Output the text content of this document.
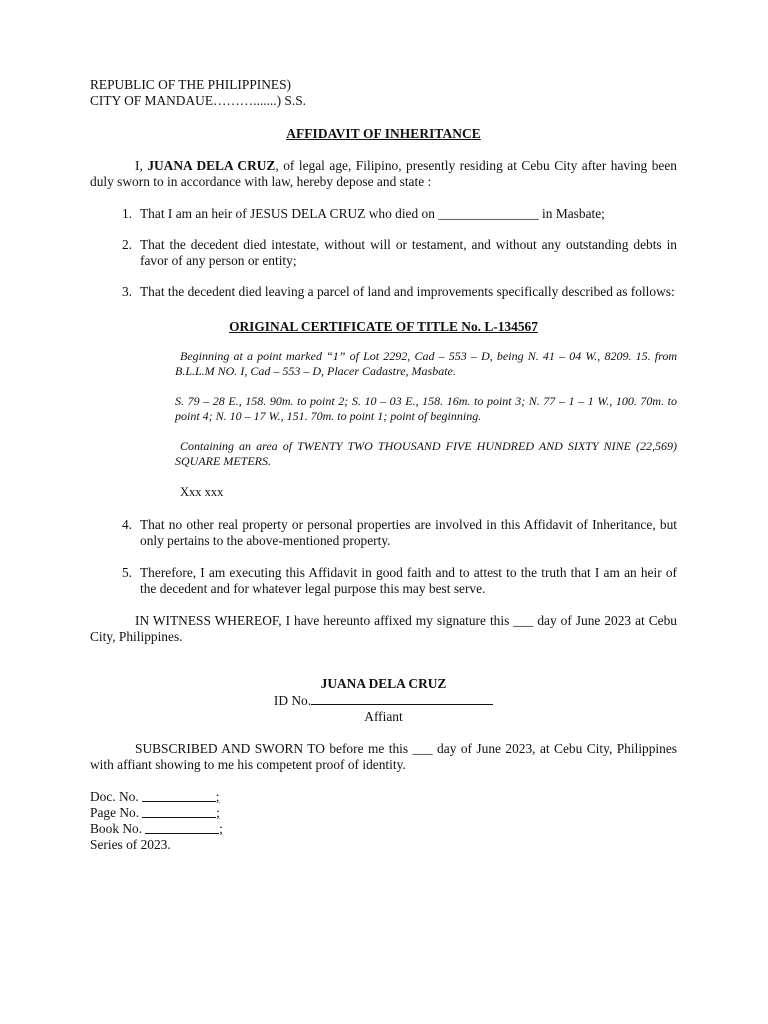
REPUBLIC OF THE PHILIPPINES)
CITY OF MANDAUE……….......) S.S.
AFFIDAVIT OF INHERITANCE

I, JUANA DELA CRUZ, of legal age, Filipino, presently residing at Cebu City after having been duly sworn to in accordance with law, hereby depose and state :

1. That I am an heir of JESUS DELA CRUZ who died on _______________ in Masbate;
2. That the decedent died intestate, without will or testament, and without any outstanding debts in favor of any person or entity;
3. That the decedent died leaving a parcel of land and improvements specifically described as follows:
ORIGINAL CERTIFICATE OF TITLE No. L-134567

Beginning at a point marked “1” of Lot 2292, Cad – 553 – D, being N. 41 – 04 W., 8209. 15. from B.L.L.M NO. I, Cad – 553 – D, Placer Cadastre, Masbate.

S. 79 – 28 E., 158. 90m. to point 2; S. 10 – 03 E., 158. 16m. to point 3; N. 77 – 1 – 1 W., 100. 70m. to point 4; N. 10 – 17 W., 151. 70m. to point 1; point of beginning.

Containing an area of TWENTY TWO THOUSAND FIVE HUNDRED AND SIXTY NINE (22,569) SQUARE METERS.

Xxx xxx

4. That no other real property or personal properties are involved in this Affidavit of Inheritance, but only pertains to the above-mentioned property.
5. Therefore, I am executing this Affidavit in good faith and to attest to the truth that I am an heir of the decedent and for whatever legal purpose this may best serve.

IN WITNESS WHEREOF, I have hereunto affixed my signature this ___ day of June 2023 at Cebu City, Philippines.

JUANA DELA CRUZ
ID No.
Affiant

SUBSCRIBED AND SWORN TO before me this ___ day of June 2023, at Cebu City, Philippines with affiant showing to me his competent proof of identity.

Doc. No.	;
Page No.	;
Book No.	;
Series of 2023.
